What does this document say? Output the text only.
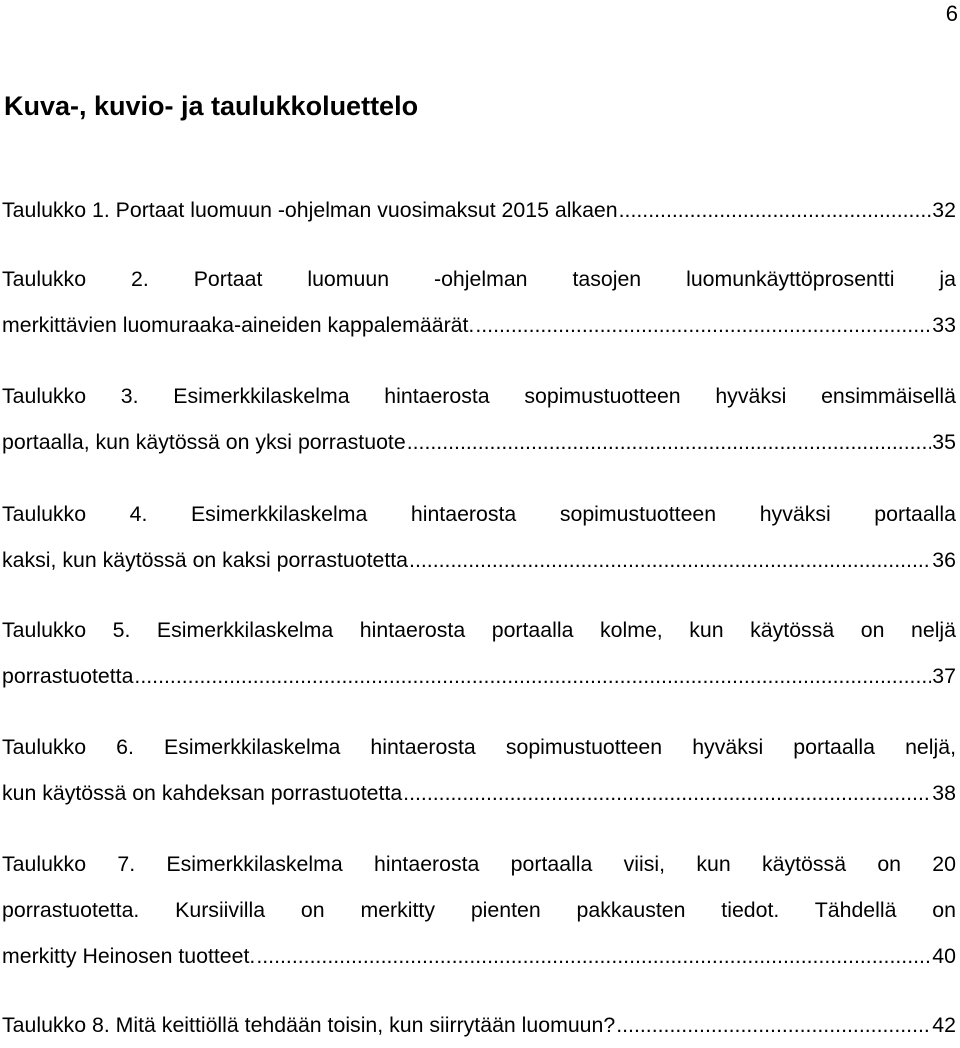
6
Kuva-, kuvio- ja taulukkoluettelo
Taulukko 1. Portaat luomuun -ohjelman vuosimaksut 2015 alkaen .....	32
Taulukko 2. Portaat luomuun -ohjelman tasojen luomunkäyttöprosentti ja
merkittävien luomuraaka-aineiden kappalemäärät. .....	33
Taulukko 3. Esimerkkilaskelma hintaerosta sopimustuotteen hyväksi ensimmäisellä
portaalla, kun käytössä on yksi porrastuote .....	35
Taulukko 4. Esimerkkilaskelma hintaerosta sopimustuotteen hyväksi portaalla
kaksi, kun käytössä on kaksi porrastuotetta .....	36
Taulukko 5. Esimerkkilaskelma hintaerosta portaalla kolme, kun käytössä on neljä
porrastuotetta .....	37
Taulukko 6. Esimerkkilaskelma hintaerosta sopimustuotteen hyväksi portaalla neljä,
kun käytössä on kahdeksan porrastuotetta .....	38
Taulukko 7. Esimerkkilaskelma hintaerosta portaalla viisi, kun käytössä on 20
porrastuotetta. Kursiivilla on merkitty pienten pakkausten tiedot. Tähdellä on
merkitty Heinosen tuotteet. .....	40
Taulukko 8. Mitä keittiöllä tehdään toisin, kun siirrytään luomuun? .....	42
